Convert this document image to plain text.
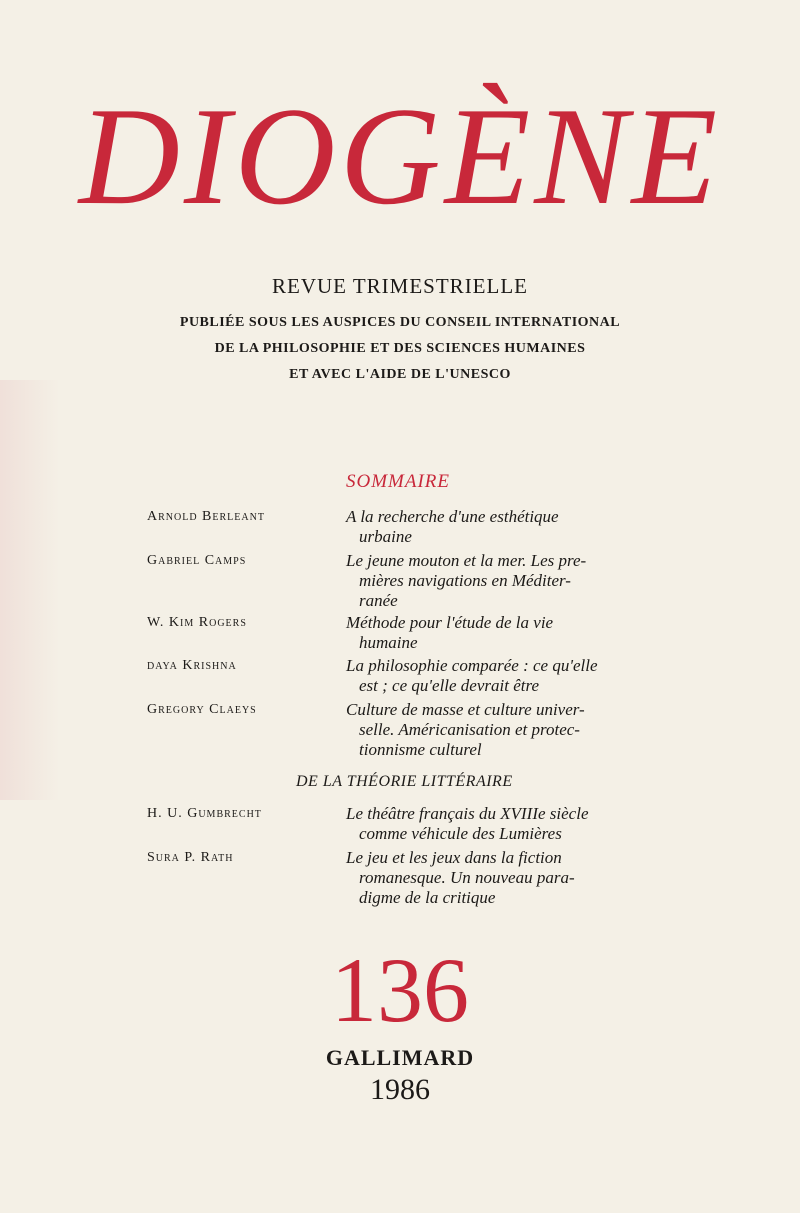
DIOGÈNE
REVUE TRIMESTRIELLE
PUBLIÉE SOUS LES AUSPICES DU CONSEIL INTERNATIONAL
DE LA PHILOSOPHIE ET DES SCIENCES HUMAINES
ET AVEC L'AIDE DE L'UNESCO
SOMMAIRE
Arnold Berleant	A la recherche d'une esthétique
urbaine
Gabriel Camps	Le jeune mouton et la mer. Les pre-
mières navigations en Méditer-
ranée
W. Kim Rogers	Méthode pour l'étude de la vie
humaine
daya Krishna	La philosophie comparée : ce qu'elle
est ; ce qu'elle devrait être
Gregory Claeys	Culture de masse et culture univer-
selle. Américanisation et protec-
tionnisme culturel
DE LA THÉORIE LITTÉRAIRE
H. U. Gumbrecht	Le théâtre français du XVIIIe siècle
comme véhicule des Lumières
Sura P. Rath	Le jeu et les jeux dans la fiction
romanesque. Un nouveau para-
digme de la critique
136
GALLIMARD
1986
